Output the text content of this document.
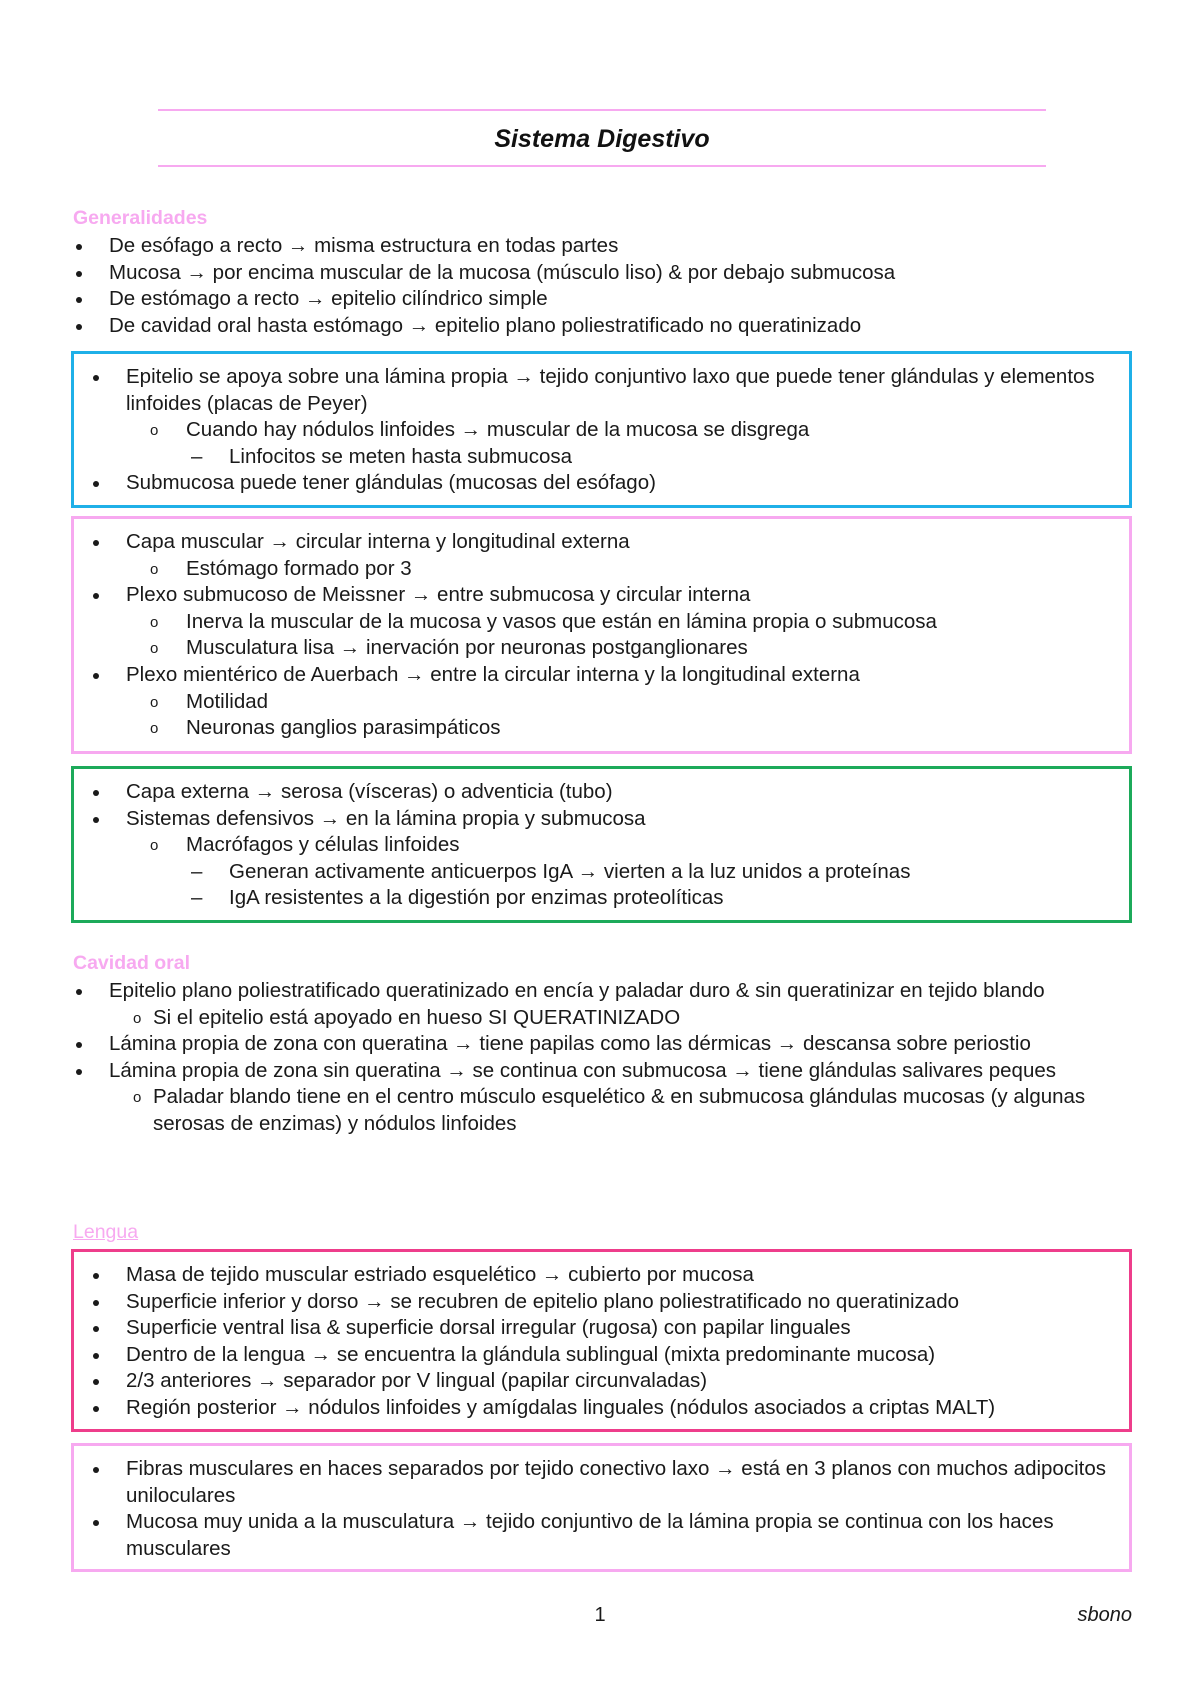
Sistema Digestivo
Generalidades
De esófago a recto → misma estructura en todas partes
Mucosa → por encima muscular de la mucosa (músculo liso) & por debajo submucosa
De estómago a recto → epitelio cilíndrico simple
De cavidad oral hasta estómago → epitelio plano poliestratificado no queratinizado
Epitelio se apoya sobre una lámina propia → tejido conjuntivo laxo que puede tener glándulas y elementos linfoides (placas de Peyer)
o Cuando hay nódulos linfoides → muscular de la mucosa se disgrega
– Linfocitos se meten hasta submucosa
Submucosa puede tener glándulas (mucosas del esófago)
Capa muscular → circular interna y longitudinal externa
o Estómago formado por 3
Plexo submucoso de Meissner → entre submucosa y circular interna
o Inerva la muscular de la mucosa y vasos que están en lámina propia o submucosa
o Musculatura lisa → inervación por neuronas postganglionares
Plexo mientérico de Auerbach → entre la circular interna y la longitudinal externa
o Motilidad
o Neuronas ganglios parasimpáticos
Capa externa → serosa (vísceras) o adventicia (tubo)
Sistemas defensivos → en la lámina propia y submucosa
o Macrófagos y células linfoides
– Generan activamente anticuerpos IgA → vierten a la luz unidos a proteínas
– IgA resistentes a la digestión por enzimas proteolíticas
Cavidad oral
Epitelio plano poliestratificado queratinizado en encía y paladar duro & sin queratinizar en tejido blando
o Si el epitelio está apoyado en hueso SI QUERATINIZADO
Lámina propia de zona con queratina → tiene papilas como las dérmicas → descansa sobre periostio
Lámina propia de zona sin queratina → se continua con submucosa → tiene glándulas salivares peques
o Paladar blando tiene en el centro músculo esquelético & en submucosa glándulas mucosas (y algunas serosas de enzimas) y nódulos linfoides
Lengua
Masa de tejido muscular estriado esquelético → cubierto por mucosa
Superficie inferior y dorso → se recubren de epitelio plano poliestratificado no queratinizado
Superficie ventral lisa & superficie dorsal irregular (rugosa) con papilar linguales
Dentro de la lengua → se encuentra la glándula sublingual (mixta predominante mucosa)
2/3 anteriores → separador por V lingual (papilar circunvaladas)
Región posterior → nódulos linfoides y amígdalas linguales (nódulos asociados a criptas MALT)
Fibras musculares en haces separados por tejido conectivo laxo → está en 3 planos con muchos adipocitos uniloculares
Mucosa muy unida a la musculatura → tejido conjuntivo de la lámina propia se continua con los haces musculares
1	sbono
